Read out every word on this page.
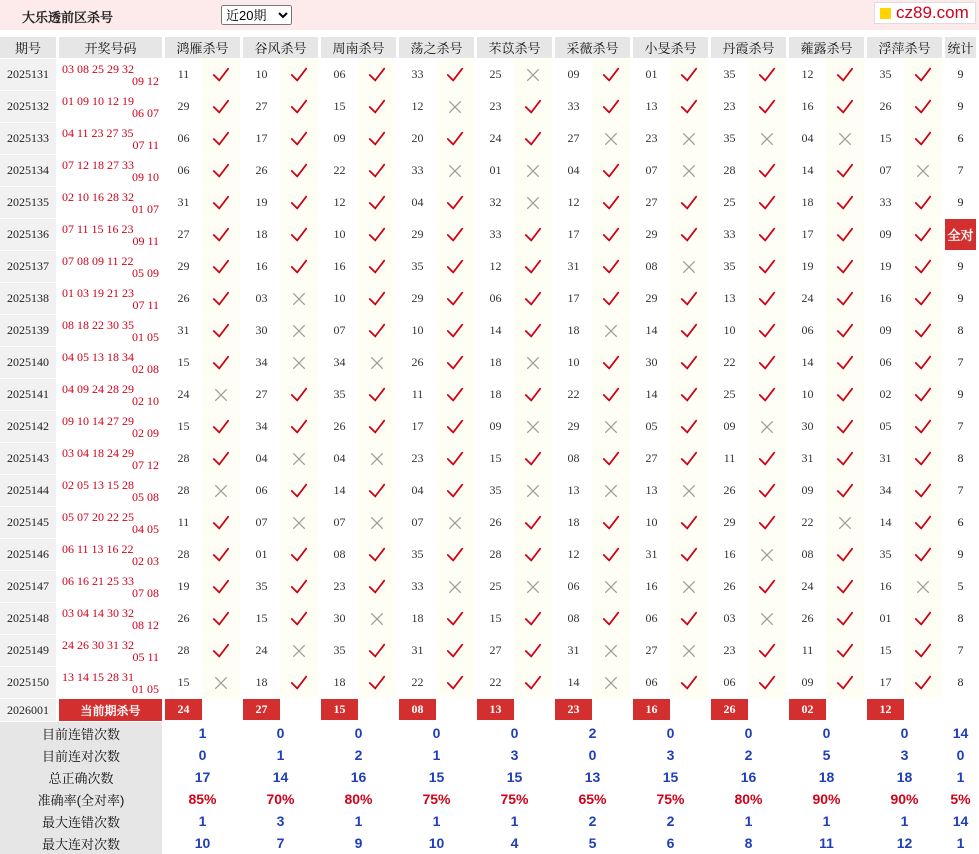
大乐透前区杀号
近20期	cz89.com
期号	开奖号码	鸿雁杀号	谷风杀号	周南杀号	荡之杀号	芣苡杀号	采薇杀号	小旻杀号	丹霞杀号	蕹露杀号	浮萍杀号	统计
2025131	03 08 25 29 32
09 12	11	10	06	33	25	09	01	35	12	35	9
2025132	01 09 10 12 19
06 07	29	27	15	12	23	33	13	23	16	26	9
2025133	04 11 23 27 35
07 11	06	17	09	20	24	27	23	35	04	15	6
2025134	07 12 18 27 33
09 10	06	26	22	33	01	04	07	28	14	07	7
2025135	02 10 16 28 32
01 07	31	19	12	04	32	12	27	25	18	33	9
2025136	07 11 15 16 23
09 11	27	18	10	29	33	17	29	33	17	09	全对
2025137	07 08 09 11 22
05 09	29	16	16	35	12	31	08	35	19	19	9
2025138	01 03 19 21 23
07 11	26	03	10	29	06	17	29	13	24	16	9
2025139	08 18 22 30 35
01 05	31	30	07	10	14	18	14	10	06	09	8
2025140	04 05 13 18 34
02 08	15	34	34	26	18	10	30	22	14	06	7
2025141	04 09 24 28 29
02 10	24	27	35	11	18	22	14	25	10	02	9
2025142	09 10 14 27 29
02 09	15	34	26	17	09	29	05	09	30	05	7
2025143	03 04 18 24 29
07 12	28	04	04	23	15	08	27	11	31	31	8
2025144	02 05 13 15 28
05 08	28	06	14	04	35	13	13	26	09	34	7
2025145	05 07 20 22 25
04 05	11	07	07	07	26	18	10	29	22	14	6
2025146	06 11 13 16 22
02 03	28	01	08	35	28	12	31	16	08	35	9
2025147	06 16 21 25 33
07 08	19	35	23	33	25	06	16	26	24	16	5
2025148	03 04 14 30 32
08 12	26	15	30	18	15	08	06	03	26	01	8
2025149	24 26 30 31 32
05 11	28	24	35	31	27	31	27	23	11	15	7
2025150	13 14 15 28 31
01 05	15	18	18	22	22	14	06	06	09	17	8
2026001	当前期杀号	24	27	15	08	13	23	16	26	02	12
目前连错次数	1	0	0	0	0	2	0	0	0	0	14
目前连对次数	0	1	2	1	3	0	3	2	5	3	0
总正确次数	17	14	16	15	15	13	15	16	18	18	1
准确率(全对率)	85%	70%	80%	75%	75%	65%	75%	80%	90%	90%	5%
最大连错次数	1	3	1	1	1	2	2	1	1	1	14
最大连对次数	10	7	9	10	4	5	6	8	11	12	1
